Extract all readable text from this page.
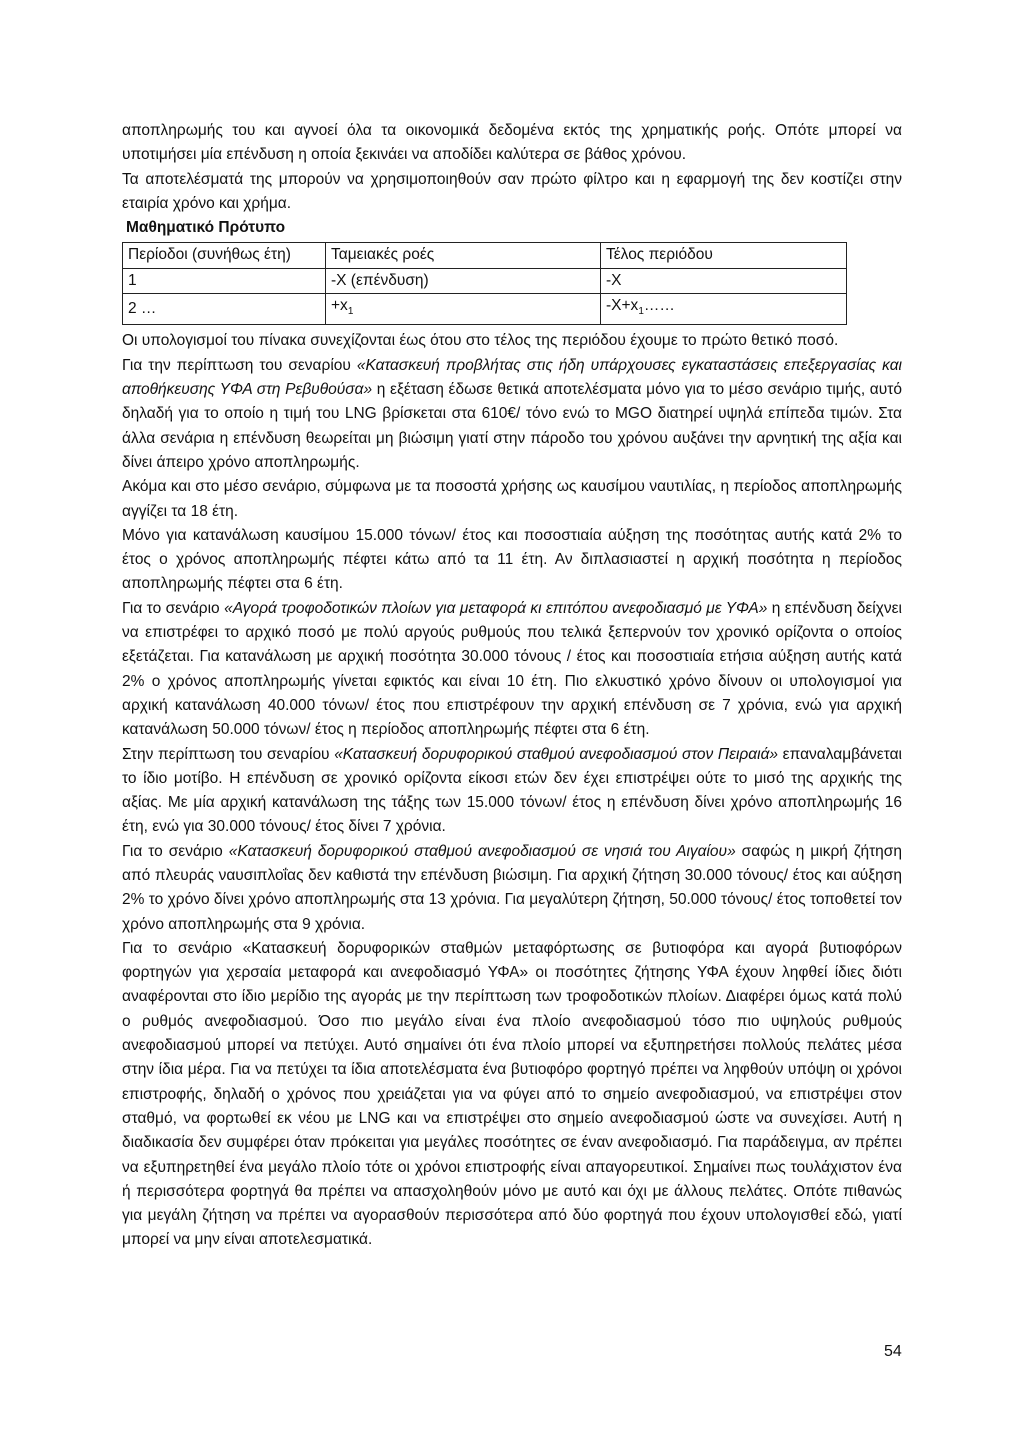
αποπληρωμής του και αγνοεί όλα τα οικονομικά δεδομένα εκτός της χρηματικής ροής. Οπότε μπορεί να υποτιμήσει μία επένδυση η οποία ξεκινάει να αποδίδει καλύτερα σε βάθος χρόνου.

Τα αποτελέσματά της μπορούν να χρησιμοποιηθούν σαν πρώτο φίλτρο και η εφαρμογή της δεν κοστίζει στην εταιρία χρόνο και χρήμα.

Μαθηματικό Πρότυπο

Περίοδοι (συνήθως έτη)	Ταμειακές ροές	Τέλος περιόδου
1	-Χ (επένδυση)	-Χ
2 …	$+x_1$	$-X+x_1\dots\dots$

Οι υπολογισμοί του πίνακα συνεχίζονται έως ότου στο τέλος της περιόδου έχουμε το πρώτο θετικό ποσό.

Για την περίπτωση του σεναρίου «Κατασκευή προβλήτας στις ήδη υπάρχουσες εγκαταστάσεις επεξεργασίας και αποθήκευσης ΥΦΑ στη Ρεβυθούσα» η εξέταση έδωσε θετικά αποτελέσματα μόνο για το μέσο σενάριο τιμής, αυτό δηλαδή για το οποίο η τιμή του LNG βρίσκεται στα 610€/ τόνο ενώ το MGO διατηρεί υψηλά επίπεδα τιμών. Στα άλλα σενάρια η επένδυση θεωρείται μη βιώσιμη γιατί στην πάροδο του χρόνου αυξάνει την αρνητική της αξία και δίνει άπειρο χρόνο αποπληρωμής.

Ακόμα και στο μέσο σενάριο, σύμφωνα με τα ποσοστά χρήσης ως καυσίμου ναυτιλίας, η περίοδος αποπληρωμής αγγίζει τα 18 έτη.

Μόνο για κατανάλωση καυσίμου 15.000 τόνων/ έτος και ποσοστιαία αύξηση της ποσότητας αυτής κατά 2% το έτος ο χρόνος αποπληρωμής πέφτει κάτω από τα 11 έτη. Αν διπλασιαστεί η αρχική ποσότητα η περίοδος αποπληρωμής πέφτει στα 6 έτη.

Για το σενάριο «Αγορά τροφοδοτικών πλοίων για μεταφορά κι επιτόπου ανεφοδιασμό με ΥΦΑ» η επένδυση δείχνει να επιστρέφει το αρχικό ποσό με πολύ αργούς ρυθμούς που τελικά ξεπερνούν τον χρονικό ορίζοντα ο οποίος εξετάζεται. Για κατανάλωση με αρχική ποσότητα 30.000 τόνους / έτος και ποσοστιαία ετήσια αύξηση αυτής κατά 2% ο χρόνος αποπληρωμής γίνεται εφικτός και είναι 10 έτη. Πιο ελκυστικό χρόνο δίνουν οι υπολογισμοί για αρχική κατανάλωση 40.000 τόνων/ έτος που επιστρέφουν την αρχική επένδυση σε 7 χρόνια, ενώ για αρχική κατανάλωση 50.000 τόνων/ έτος η περίοδος αποπληρωμής πέφτει στα 6 έτη.

Στην περίπτωση του σεναρίου «Κατασκευή δορυφορικού σταθμού ανεφοδιασμού στον Πειραιά» επαναλαμβάνεται το ίδιο μοτίβο. Η επένδυση σε χρονικό ορίζοντα είκοσι ετών δεν έχει επιστρέψει ούτε το μισό της αρχικής της αξίας. Με μία αρχική κατανάλωση της τάξης των 15.000 τόνων/ έτος η επένδυση δίνει χρόνο αποπληρωμής 16 έτη, ενώ για 30.000 τόνους/ έτος δίνει 7 χρόνια.

Για το σενάριο «Κατασκευή δορυφορικού σταθμού ανεφοδιασμού σε νησιά του Αιγαίου» σαφώς η μικρή ζήτηση από πλευράς ναυσιπλοΐας δεν καθιστά την επένδυση βιώσιμη. Για αρχική ζήτηση 30.000 τόνους/ έτος και αύξηση 2% το χρόνο δίνει χρόνο αποπληρωμής στα 13 χρόνια. Για μεγαλύτερη ζήτηση, 50.000 τόνους/ έτος τοποθετεί τον χρόνο αποπληρωμής στα 9 χρόνια.

Για το σενάριο «Κατασκευή δορυφορικών σταθμών μεταφόρτωσης σε βυτιοφόρα και αγορά βυτιοφόρων φορτηγών για χερσαία μεταφορά και ανεφοδιασμό ΥΦΑ» οι ποσότητες ζήτησης ΥΦΑ έχουν ληφθεί ίδιες διότι αναφέρονται στο ίδιο μερίδιο της αγοράς με την περίπτωση των τροφοδοτικών πλοίων. Διαφέρει όμως κατά πολύ ο ρυθμός ανεφοδιασμού. Όσο πιο μεγάλο είναι ένα πλοίο ανεφοδιασμού τόσο πιο υψηλούς ρυθμούς ανεφοδιασμού μπορεί να πετύχει. Αυτό σημαίνει ότι ένα πλοίο μπορεί να εξυπηρετήσει πολλούς πελάτες μέσα στην ίδια μέρα. Για να πετύχει τα ίδια αποτελέσματα ένα βυτιοφόρο φορτηγό πρέπει να ληφθούν υπόψη οι χρόνοι επιστροφής, δηλαδή ο χρόνος που χρειάζεται για να φύγει από το σημείο ανεφοδιασμού, να επιστρέψει στον σταθμό, να φορτωθεί εκ νέου με LNG και να επιστρέψει στο σημείο ανεφοδιασμού ώστε να συνεχίσει. Αυτή η διαδικασία δεν συμφέρει όταν πρόκειται για μεγάλες ποσότητες σε έναν ανεφοδιασμό. Για παράδειγμα, αν πρέπει να εξυπηρετηθεί ένα μεγάλο πλοίο τότε οι χρόνοι επιστροφής είναι απαγορευτικοί. Σημαίνει πως τουλάχιστον ένα ή περισσότερα φορτηγά θα πρέπει να απασχοληθούν μόνο με αυτό και όχι με άλλους πελάτες. Οπότε πιθανώς για μεγάλη ζήτηση να πρέπει να αγορασθούν περισσότερα από δύο φορτηγά που έχουν υπολογισθεί εδώ, γιατί μπορεί να μην είναι αποτελεσματικά.

54
